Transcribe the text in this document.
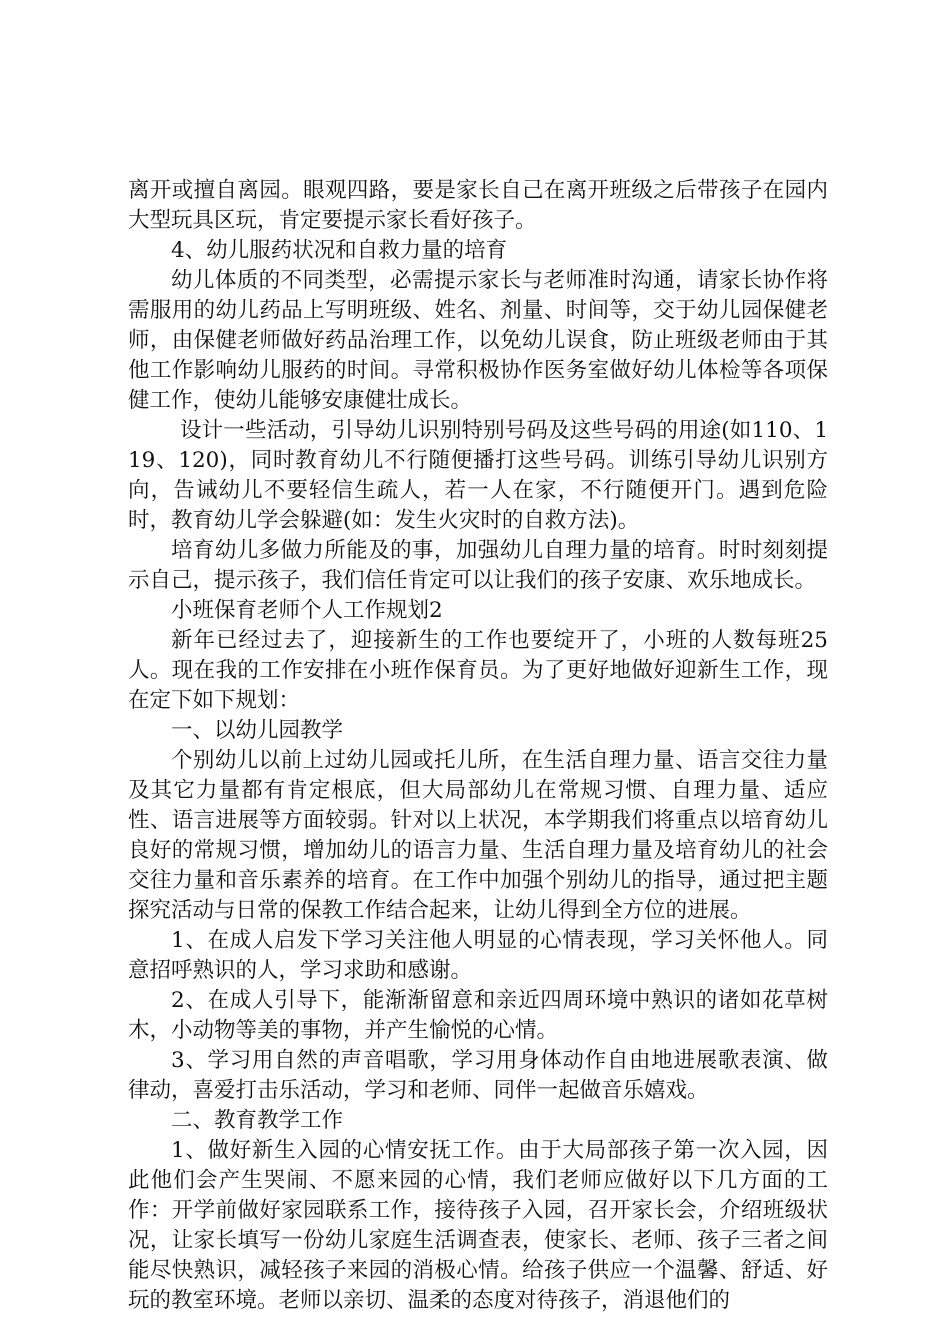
离开或擅自离园。眼观四路，要是家长自己在离开班级之后带孩子在园内大型玩具区玩，肯定要提示家长看好孩子。

4、幼儿服药状况和自救力量的培育

幼儿体质的不同类型，必需提示家长与老师准时沟通，请家长协作将需服用的幼儿药品上写明班级、姓名、剂量、时间等，交于幼儿园保健老师，由保健老师做好药品治理工作，以免幼儿误食，防止班级老师由于其他工作影响幼儿服药的时间。寻常积极协作医务室做好幼儿体检等各项保健工作，使幼儿能够安康健壮成长。

设计一些活动，引导幼儿识别特别号码及这些号码的用途(如110、119、120)，同时教育幼儿不行随便播打这些号码。训练引导幼儿识别方向，告诫幼儿不要轻信生疏人，若一人在家，不行随便开门。遇到危险时，教育幼儿学会躲避(如：发生火灾时的自救方法)。

培育幼儿多做力所能及的事，加强幼儿自理力量的培育。时时刻刻提示自己，提示孩子，我们信任肯定可以让我们的孩子安康、欢乐地成长。

小班保育老师个人工作规划2

新年已经过去了，迎接新生的工作也要绽开了，小班的人数每班25人。现在我的工作安排在小班作保育员。为了更好地做好迎新生工作，现在定下如下规划：

一、以幼儿园教学

个别幼儿以前上过幼儿园或托儿所，在生活自理力量、语言交往力量及其它力量都有肯定根底，但大局部幼儿在常规习惯、自理力量、适应性、语言进展等方面较弱。针对以上状况，本学期我们将重点以培育幼儿良好的常规习惯，增加幼儿的语言力量、生活自理力量及培育幼儿的社会交往力量和音乐素养的培育。在工作中加强个别幼儿的指导，通过把主题探究活动与日常的保教工作结合起来，让幼儿得到全方位的进展。

1、在成人启发下学习关注他人明显的心情表现，学习关怀他人。同意招呼熟识的人，学习求助和感谢。

2、在成人引导下，能渐渐留意和亲近四周环境中熟识的诸如花草树木，小动物等美的事物，并产生愉悦的心情。

3、学习用自然的声音唱歌，学习用身体动作自由地进展歌表演、做律动，喜爱打击乐活动，学习和老师、同伴一起做音乐嬉戏。

二、教育教学工作

1、做好新生入园的心情安抚工作。由于大局部孩子第一次入园，因此他们会产生哭闹、不愿来园的心情，我们老师应做好以下几方面的工作：开学前做好家园联系工作，接待孩子入园，召开家长会，介绍班级状况，让家长填写一份幼儿家庭生活调查表，使家长、老师、孩子三者之间能尽快熟识，减轻孩子来园的消极心情。给孩子供应一个温馨、舒适、好玩的教室环境。老师以亲切、温柔的态度对待孩子，消退他们的
